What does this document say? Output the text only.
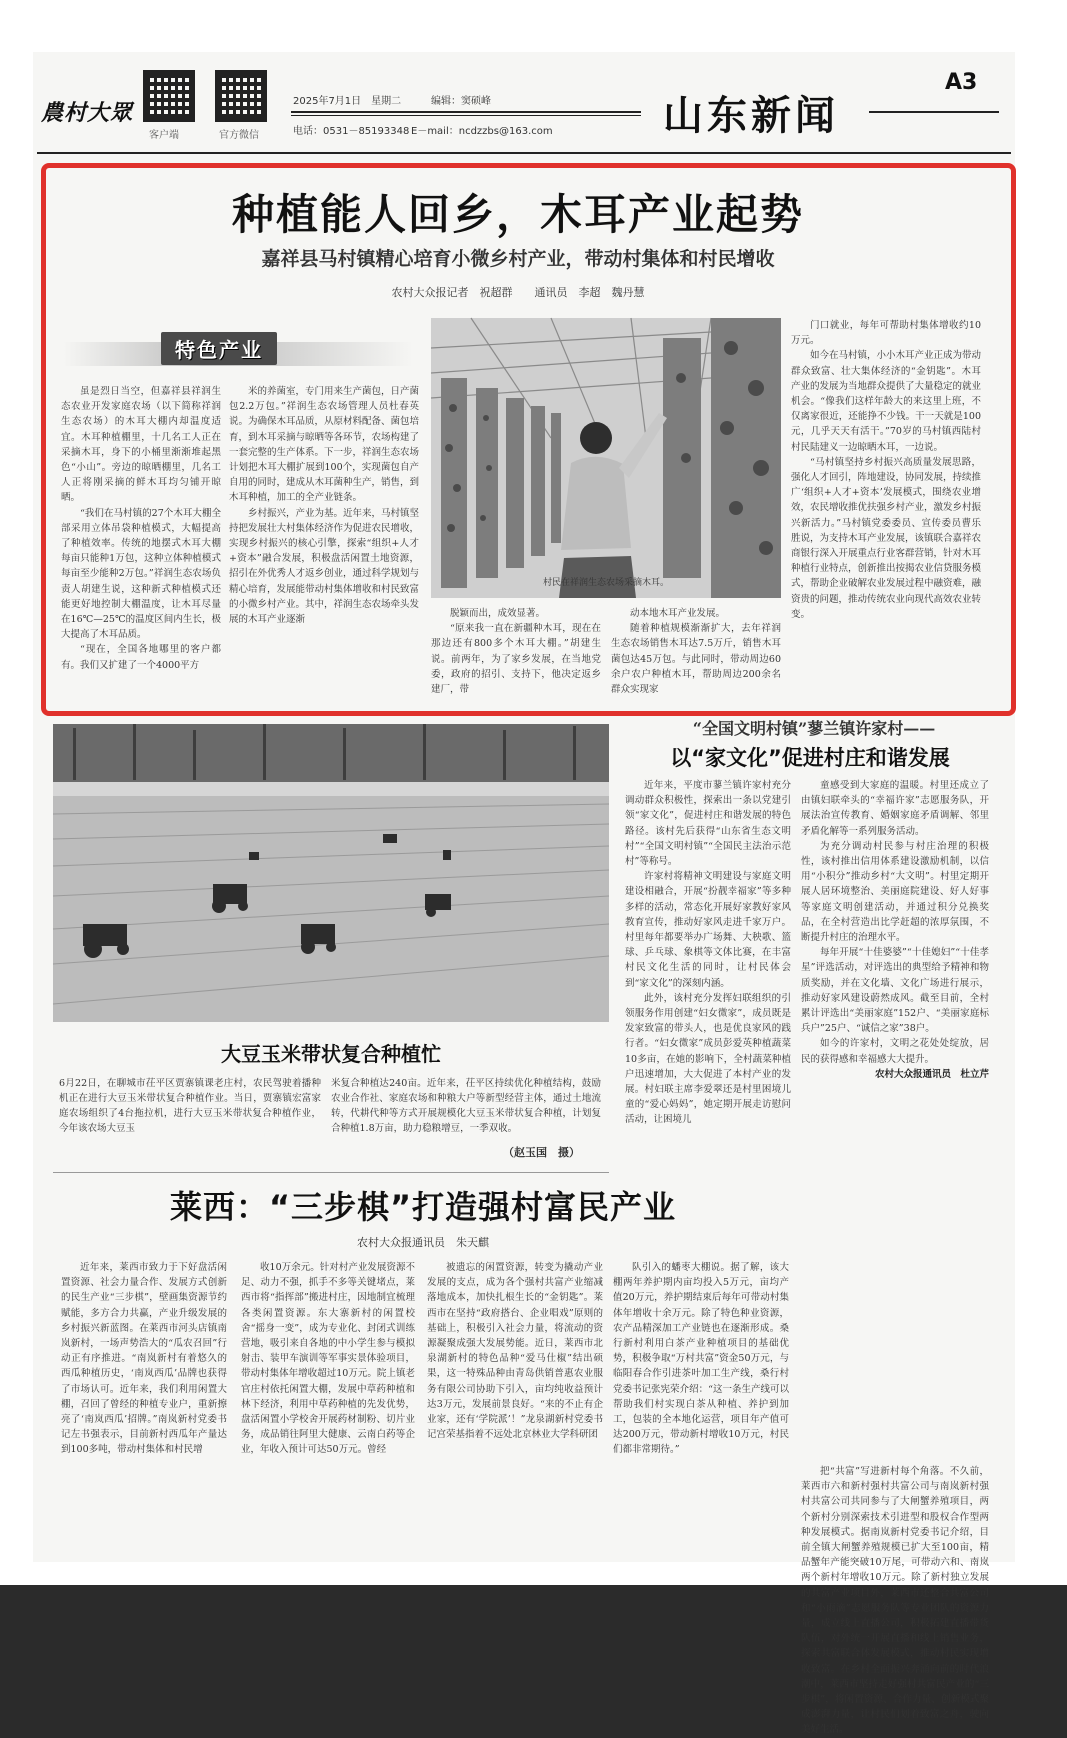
農村大眾
客户端	官方微信
2025年7月1日　星期二	编辑：窦硕峰
电话：0531－85193348 E－mail：ncdzzbs@163.com	山东新闻
A3
种植能人回乡，木耳产业起势
嘉祥县马村镇精心培育小微乡村产业，带动村集体和村民增收
农村大众报记者　祝超群　　通讯员　李超　魏丹慧
特色产业

虽是烈日当空，但嘉祥县祥润生态农业开发家庭农场（以下简称祥润生态农场）的木耳大棚内却温度适宜。木耳种植棚里，十几名工人正在采摘木耳，身下的小桶里渐渐堆起黑色“小山”。旁边的晾晒棚里，几名工人正将刚采摘的鲜木耳均匀铺开晾晒。

“我们在马村镇的27个木耳大棚全部采用立体吊袋种植模式，大幅提高了种植效率。传统的地摆式木耳大棚每亩只能种1万包，这种立体种植模式每亩至少能种2万包。”祥润生态农场负责人胡建生说，这种新式种植模式还能更好地控制大棚温度，让木耳尽量在16℃—25℃的温度区间内生长，极大提高了木耳品质。

“现在，全国各地哪里的客户都有。我们又扩建了一个4000平方

米的养菌室，专门用来生产菌包，日产菌包2.2万包。”祥润生态农场管理人员杜春英说。为确保木耳品质，从原材料配备、菌包培育，到木耳采摘与晾晒等各环节，农场构建了一套完整的生产体系。下一步，祥润生态农场计划把木耳大棚扩展到100个，实现菌包自产自用的同时，建成从木耳菌种生产，销售，到木耳种植，加工的全产业链条。

乡村振兴，产业为基。近年来，马村镇坚持把发展壮大村集体经济作为促进农民增收，实现乡村振兴的核心引擎，探索“组织+人才+资本”融合发展，积极盘活闲置土地资源，招引在外优秀人才返乡创业，通过科学规划与精心培育，发展能带动村集体增收和村民致富的小微乡村产业。其中，祥润生态农场牵头发展的木耳产业逐渐

村民在祥润生态农场采摘木耳。

脱颖而出，成效显著。

“原来我一直在新疆种木耳，现在在那边还有800多个木耳大棚。”胡建生说。前两年，为了家乡发展，在当地党委，政府的招引、支持下，他决定返乡建厂，带

动本地木耳产业发展。

随着种植规模渐渐扩大，去年祥润生态农场销售木耳达7.5万斤，销售木耳菌包达45万包。与此同时，带动周边60余户农户种植木耳，帮助周边200余名群众实现家

门口就业，每年可帮助村集体增收约10万元。

如今在马村镇，小小木耳产业正成为带动群众致富、壮大集体经济的“金钥匙”。木耳产业的发展为当地群众提供了大量稳定的就业机会。“像我们这样年龄大的来这里上班，不仅离家很近，还能挣不少钱。干一天就是100元，几乎天天有活干。”70岁的马村镇西陆村村民陆建义一边晾晒木耳，一边说。

“马村镇坚持乡村振兴高质量发展思路，强化人才回引，阵地建设，协同发展，持续推广‘组织+人才+资本’发展模式，围绕农业增效，农民增收推优扶强乡村产业，激发乡村振兴新活力。”马村镇党委委员、宣传委员曹乐胜说，为支持木耳产业发展，该镇联合嘉祥农商银行深入开展重点行业客群营销，针对木耳种植行业特点，创新推出按揭农业信贷服务模式，帮助企业破解农业发展过程中融资难，融资贵的问题，推动传统农业向现代高效农业转变。

“全国文明村镇”蓼兰镇许家村——
以“家文化”促进村庄和谐发展

近年来，平度市蓼兰镇许家村充分调动群众积极性，探索出一条以党建引领“家文化”，促进村庄和谐发展的特色路径。该村先后获得“山东省生态文明村”“全国文明村镇”“全国民主法治示范村”等称号。

许家村将精神文明建设与家庭文明建设相融合，开展“扮靓幸福家”等多种多样的活动，常态化开展好家教好家风教育宣传，推动好家风走进千家万户。村里每年都要举办广场舞、大秧歌、篮球、乒乓球、象棋等文体比赛，在丰富村民文化生活的同时，让村民体会到“家文化”的深刻内涵。

此外，该村充分发挥妇联组织的引领服务作用创建“妇女微家”，成员既是发家致富的带头人，也是优良家风的践行者。“妇女微家”成员彭爱英种植蔬菜10多亩，在她的影响下，全村蔬菜种植户迅速增加，大大促进了本村产业的发展。村妇联主席李爱翠还是村里困境儿童的“爱心妈妈”，她定期开展走访慰问活动，让困境儿

童感受到大家庭的温暖。村里还成立了由镇妇联牵头的“幸福许家”志愿服务队，开展法治宣传教育、婚姻家庭矛盾调解、邻里矛盾化解等一系列服务活动。

为充分调动村民参与村庄治理的积极性，该村推出信用体系建设激励机制，以信用“小积分”推动乡村“大文明”。村里定期开展人居环境整治、美丽庭院建设、好人好事等家庭文明创建活动，并通过积分兑换奖品，在全村营造出比学赶超的浓厚氛围，不断提升村庄的治理水平。

每年开展“十佳婆婆”“十佳媳妇”“十佳孝星”评选活动，对评选出的典型给予精神和物质奖励，并在文化墙、文化广场进行展示，推动好家风建设蔚然成风。截至目前，全村累计评选出“美丽家庭”152户、“美丽家庭标兵户”25户、“诚信之家”38户。

如今的许家村，文明之花处处绽放，居民的获得感和幸福感大大提升。

农村大众报通讯员　杜立芹

大豆玉米带状复合种植忙
6月22日，在聊城市茌平区贾寨镇课老庄村，农民驾驶着播种机正在进行大豆玉米带状复合种植作业。当日，贾寨镇宏富家庭农场组织了4台拖拉机，进行大豆玉米带状复合种植作业，今年该农场大豆玉
米复合种植达240亩。近年来，茌平区持续优化种植结构，鼓励农业合作社、家庭农场和种粮大户等新型经营主体，通过土地流转，代耕代种等方式开展规模化大豆玉米带状复合种植，计划复合种植1.8万亩，助力稳粮增豆，一季双收。
（赵玉国　摄）
莱西：“三步棋”打造强村富民产业
农村大众报通讯员　朱天麒

近年来，莱西市致力于下好盘活闲置资源、社会力量合作、发展方式创新的民生产业“三步棋”，壁画集资源节约赋能，多方合力共赢，产业升级发展的乡村振兴新蓝图。在莱西市河头店镇南岚新村，一场声势浩大的“瓜农召回”行动正有序推进。“南岚新村有着悠久的西瓜种植历史，‘南岚西瓜’品牌也获得了市场认可。近年来，我们利用闲置大棚，召回了曾经的种植专业户，重新擦亮了‘南岚西瓜’招牌。”南岚新村党委书记左书强表示，目前新村西瓜年产量达到100多吨，带动村集体和村民增

收10万余元。针对村产业发展资源不足、动力不强，抓手不多等关键堵点，莱西市将“指挥部”搬进村庄，因地制宜梳理各类闲置资源。东大寨新村的闲置校舍“摇身一变”，成为专业化、封闭式训练营地，吸引来自各地的中小学生参与模拟射击、装甲车演训等军事实景体验项目，带动村集体年增收超过10万元。院上镇老官庄村依托闲置大棚，发展中草药种植和林下经济，利用中草药种植的先发优势，盘活闲置小学校舍开展药材制粉、切片业务，成品销往阿里大健康、云南白药等企业，年收入预计可达50万元。曾经

被遗忘的闲置资源，转变为撬动产业发展的支点，成为各个强村共富产业缩减落地成本，加快扎根生长的“金钥匙”。莱西市在坚持“政府搭台、企业唱戏”原则的基础上，积极引入社会力量，将流动的资源凝聚成强大发展势能。近日，莱西市北泉湖新村的特色品种“爱马仕椒”结出硕果，这一特殊品种由青岛供销普惠农业服务有限公司协助下引入，亩均纯收益预计达3万元，发展前景良好。“来的不止有企业家，还有‘学院派’！”龙泉湖新村党委书记宫荣基指着不远处北京林业大学科研团

队引入的蟠枣大棚说。据了解，该大棚两年养护期内亩均投入5万元，亩均产值20万元，养护期结束后每年可带动村集体年增收十余万元。除了特色种业资源，农产品精深加工产业链也在逐渐形成。桑行新村利用白茶产业种植项目的基础优势，积极争取“万村共富”资金50万元，与临阳春合作引进茶叶加工生产线，桑行村党委书记张宪荣介绍：“这一条生产线可以帮助我们村实现白茶从种植、养护到加工，包装的全本地化运营，项目年产值可达200万元，带动新村增收10万元，村民们都非常期待。”

把“共富”写进新村每个角落。不久前，莱西市六和新村强村共富公司与南岚新村强村共富公司共同参与了大闸蟹养殖项目，两个新村分别深索技术引进型和股权合作型两种发展模式。据南岚新村党委书记介绍，目前全镇大闸蟹养殖规模已扩大至100亩，精品蟹年产能突破10万尾，可带动六和、南岚两个新村年增收10万元。除了新村独立发展的共富产业项目外，莱西市还整合共富公司和“小雨滴”志愿服务队等专业团队的资源力量，成立线上直播公司，积极拓建直播带货队伍，对外统一开展直播和线上销售业务，探索共富联合体发展模式，推动村民实现增收致富。在乡村全面振兴奔涌向前的时代浪潮中，莱西市坚持走好强村共富民产业的“三步棋”，将闲置资源、合作力量、创新模式聚成澎湃力量，让村民们划着致富之舟，驶向美好生活。
